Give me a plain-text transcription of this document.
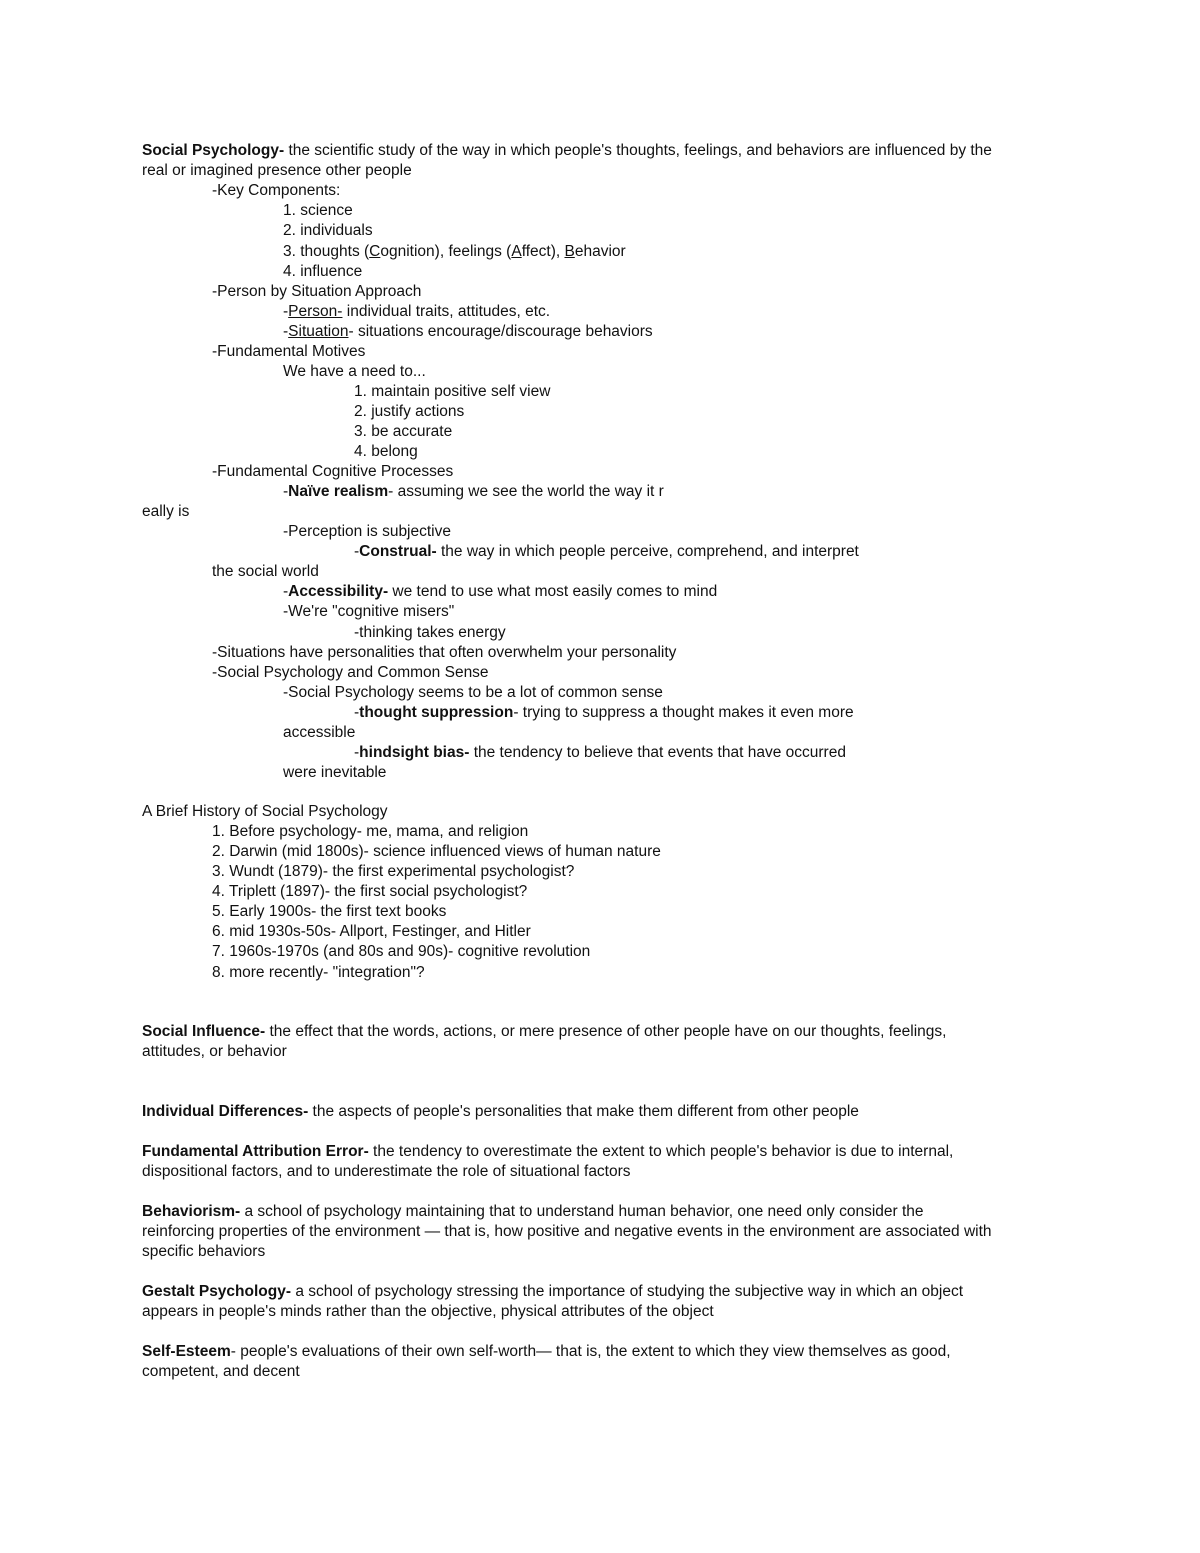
Social Psychology- the scientific study of the way in which people's thoughts, feelings, and behaviors are influenced by the
real or imagined presence other people
-Key Components:
1. science
2. individuals
3. thoughts (Cognition), feelings (Affect), Behavior
4. influence
-Person by Situation Approach
-Person- individual traits, attitudes, etc.
-Situation- situations encourage/discourage behaviors
-Fundamental Motives
We have a need to...
1. maintain positive self view
2. justify actions
3. be accurate
4. belong
-Fundamental Cognitive Processes
-Naïve realism- assuming we see the world the way it r
eally is
-Perception is subjective
-Construal- the way in which people perceive, comprehend, and interpret
the social world
-Accessibility- we tend to use what most easily comes to mind
-We're "cognitive misers"
-thinking takes energy
-Situations have personalities that often overwhelm your personality
-Social Psychology and Common Sense
-Social Psychology seems to be a lot of common sense
-thought suppression- trying to suppress a thought makes it even more
accessible
-hindsight bias- the tendency to believe that events that have occurred
were inevitable
A Brief History of Social Psychology
1. Before psychology- me, mama, and religion
2. Darwin (mid 1800s)- science influenced views of human nature
3. Wundt (1879)- the first experimental psychologist?
4. Triplett (1897)- the first social psychologist?
5. Early 1900s- the first text books
6. mid 1930s-50s- Allport, Festinger, and Hitler
7. 1960s-1970s (and 80s and 90s)- cognitive revolution
8. more recently- "integration"?
Social Influence- the effect that the words, actions, or mere presence of other people have on our thoughts, feelings,
attitudes, or behavior
Individual Differences- the aspects of people's personalities that make them different from other people
Fundamental Attribution Error- the tendency to overestimate the extent to which people's behavior is due to internal,
dispositional factors, and to underestimate the role of situational factors
Behaviorism- a school of psychology maintaining that to understand human behavior, one need only consider the
reinforcing properties of the environment — that is, how positive and negative events in the environment are associated with
specific behaviors
Gestalt Psychology- a school of psychology stressing the importance of studying the subjective way in which an object
appears in people's minds rather than the objective, physical attributes of the object
Self-Esteem- people's evaluations of their own self-worth— that is, the extent to which they view themselves as good,
competent, and decent
